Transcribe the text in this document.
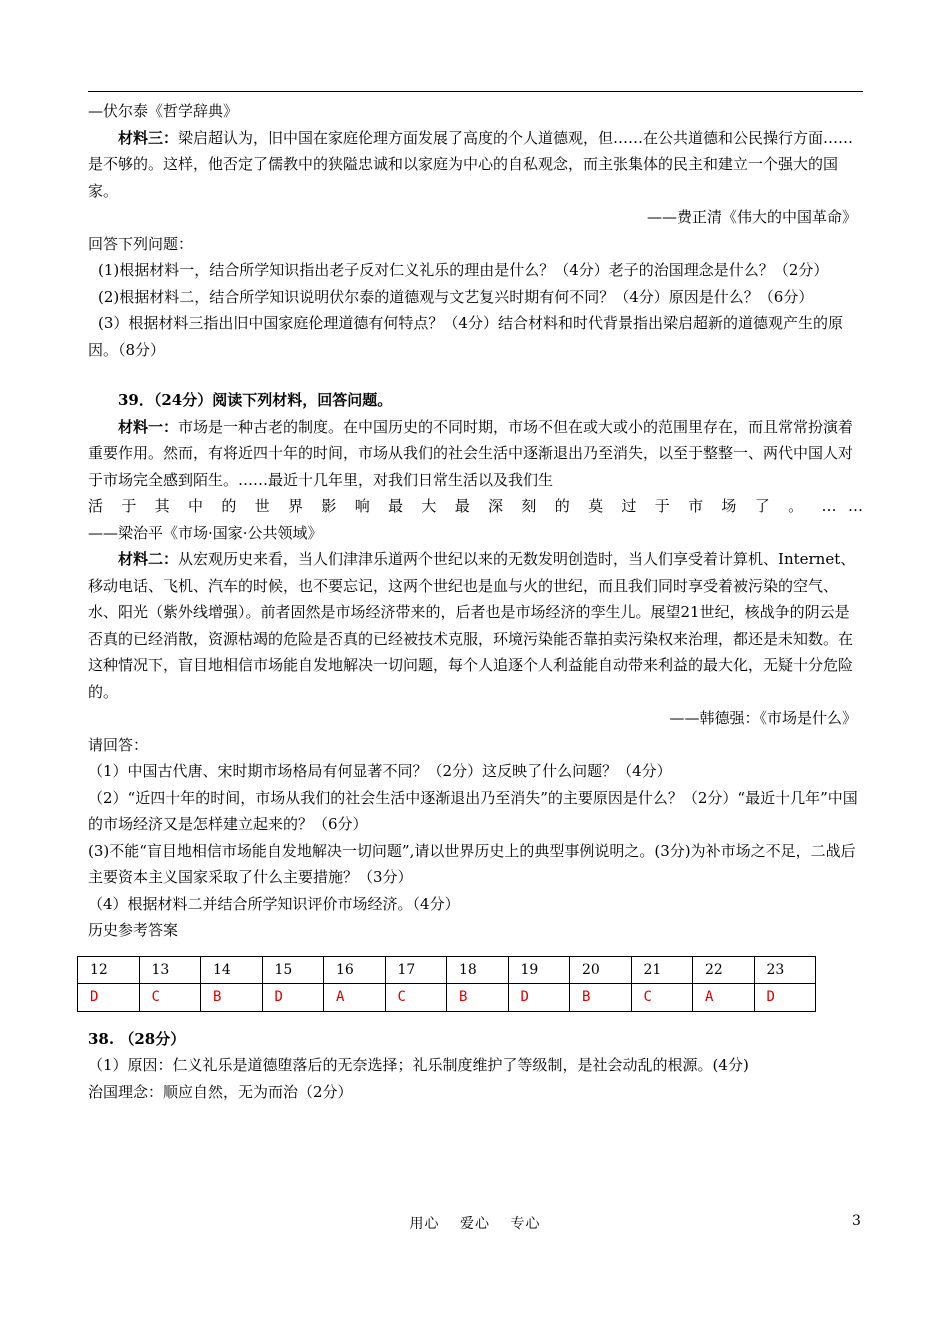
—伏尔泰《哲学辞典》

材料三：梁启超认为，旧中国在家庭伦理方面发展了高度的个人道德观，但……在公共道德和公民操行方面……是不够的。这样，他否定了儒教中的狭隘忠诚和以家庭为中心的自私观念，而主张集体的民主和建立一个强大的国家。

——费正清《伟大的中国革命》

回答下列问题：

(1)根据材料一，结合所学知识指出老子反对仁义礼乐的理由是什么？（4分）老子的治国理念是什么？（2分）

(2)根据材料二，结合所学知识说明伏尔泰的道德观与文艺复兴时期有何不同？（4分）原因是什么？（6分）

(3）根据材料三指出旧中国家庭伦理道德有何特点？（4分）结合材料和时代背景指出梁启超新的道德观产生的原因。（8分）

39．（24分）阅读下列材料，回答问题。

材料一：市场是一种古老的制度。在中国历史的不同时期，市场不但在或大或小的范围里存在，而且常常扮演着重要作用。然而，有将近四十年的时间，市场从我们的社会生活中逐渐退出乃至消失，以至于整整一、两代中国人对于市场完全感到陌生。……最近十几年里，对我们日常生活以及我们生

活 于 其 中 的 世 界 影 响 最 大 最 深 刻 的 莫 过 于 市 场 了 。 … …

——梁治平《市场·国家·公共领域》

材料二：从宏观历史来看，当人们津津乐道两个世纪以来的无数发明创造时，当人们享受着计算机、Internet、移动电话、飞机、汽车的时候，也不要忘记，这两个世纪也是血与火的世纪，而且我们同时享受着被污染的空气、水、阳光（紫外线增强）。前者固然是市场经济带来的，后者也是市场经济的孪生儿。展望21世纪，核战争的阴云是否真的已经消散，资源枯竭的危险是否真的已经被技术克服，环境污染能否靠拍卖污染权来治理，都还是未知数。在这种情况下，盲目地相信市场能自发地解决一切问题，每个人追逐个人利益能自动带来利益的最大化，无疑十分危险的。

——韩德强：《市场是什么》

请回答：

（1）中国古代唐、宋时期市场格局有何显著不同？（2分）这反映了什么问题？（4分）

（2）“近四十年的时间，市场从我们的社会生活中逐渐退出乃至消失”的主要原因是什么？（2分）“最近十几年”中国的市场经济又是怎样建立起来的？（6分）

(3)不能“盲目地相信市场能自发地解决一切问题”,请以世界历史上的典型事例说明之。(3分)为补市场之不足，二战后主要资本主义国家采取了什么主要措施？（3分）

（4）根据材料二并结合所学知识评价市场经济。（4分）

历史参考答案

12	13	14	15	16	17	18	19	20	21	22	23
D	C	B	D	A	C	B	D	B	C	A	D

38. （28分）

（1）原因：仁义礼乐是道德堕落后的无奈选择；礼乐制度维护了等级制，是社会动乱的根源。(4分)

治国理念：顺应自然，无为而治（2分）

用心　 爱心　 专心	3
